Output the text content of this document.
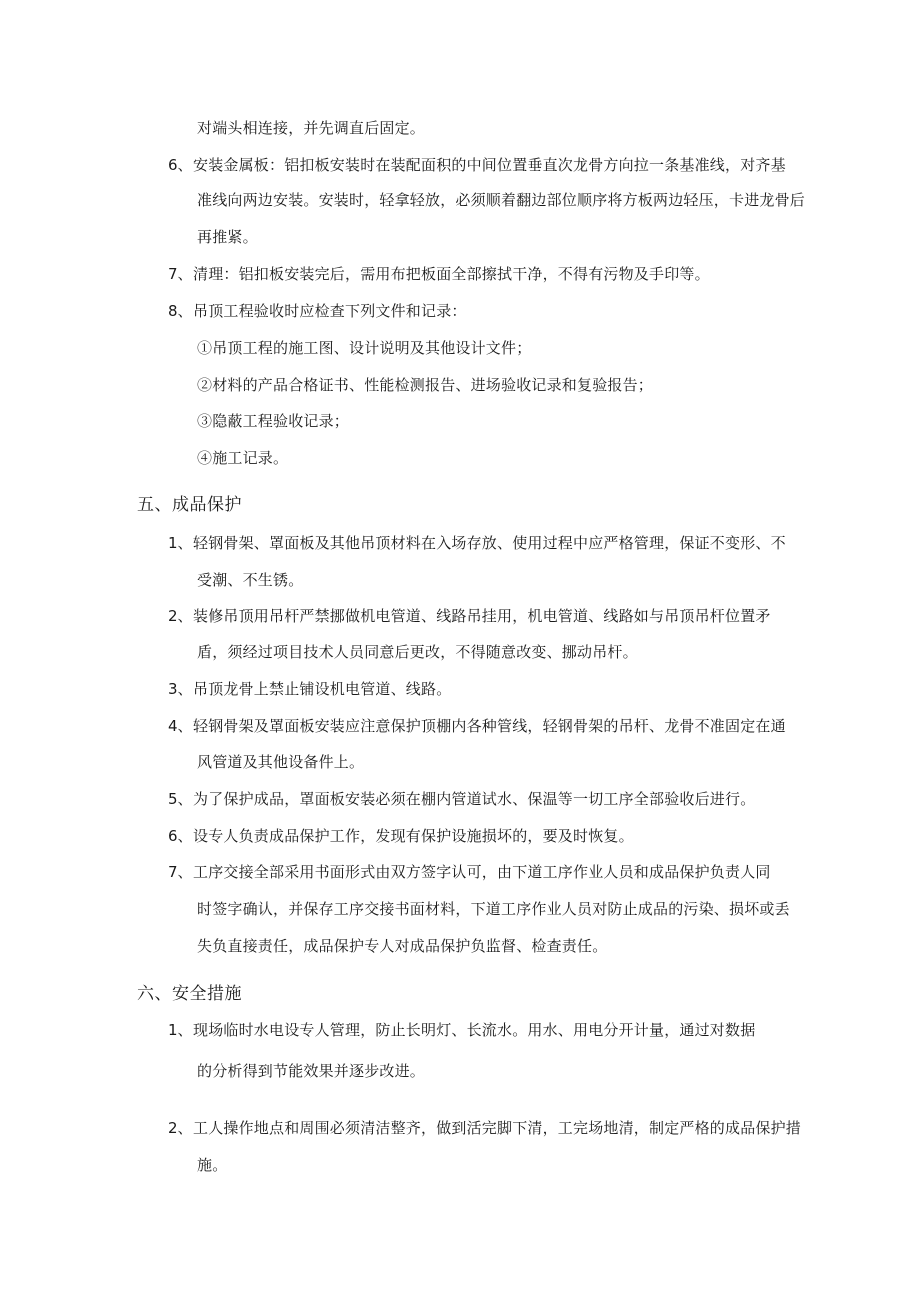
对端头相连接，并先调直后固定。
6、 安装金属板：铝扣板安装时在装配面积的中间位置垂直次龙骨方向拉一条基准线，对齐基
准线向两边安装。安装时，轻拿轻放，必须顺着翻边部位顺序将方板两边轻压，卡进龙骨后
再推紧。
7、 清理：铝扣板安装完后，需用布把板面全部擦拭干净，不得有污物及手印等。
8、 吊顶工程验收时应检查下列文件和记录：
①吊顶工程的施工图、设计说明及其他设计文件；
②材料的产品合格证书、性能检测报告、进场验收记录和复验报告；
③隐蔽工程验收记录；
④施工记录。
五、成品保护
1、 轻钢骨架、罩面板及其他吊顶材料在入场存放、使用过程中应严格管理，保证不变形、不
受潮、不生锈。
2、 装修吊顶用吊杆严禁挪做机电管道、线路吊挂用，机电管道、线路如与吊顶吊杆位置矛
盾，须经过项目技术人员同意后更改，不得随意改变、挪动吊杆。
3、 吊顶龙骨上禁止铺设机电管道、线路。
4、 轻钢骨架及罩面板安装应注意保护顶棚内各种管线，轻钢骨架的吊杆、龙骨不准固定在通
风管道及其他设备件上。
5、 为了保护成品，罩面板安装必须在棚内管道试水、保温等一切工序全部验收后进行。
6、 设专人负责成品保护工作，发现有保护设施损坏的，要及时恢复。
7、 工序交接全部采用书面形式由双方签字认可，由下道工序作业人员和成品保护负责人同
时签字确认，并保存工序交接书面材料，下道工序作业人员对防止成品的污染、损坏或丢
失负直接责任，成品保护专人对成品保护负监督、检查责任。
六、安全措施
1、 现场临时水电设专人管理，防止长明灯、长流水。用水、用电分开计量，通过对数据
的分析得到节能效果并逐步改进。
2、 工人操作地点和周围必须清洁整齐，做到活完脚下清，工完场地清，制定严格的成品保护措
施。
